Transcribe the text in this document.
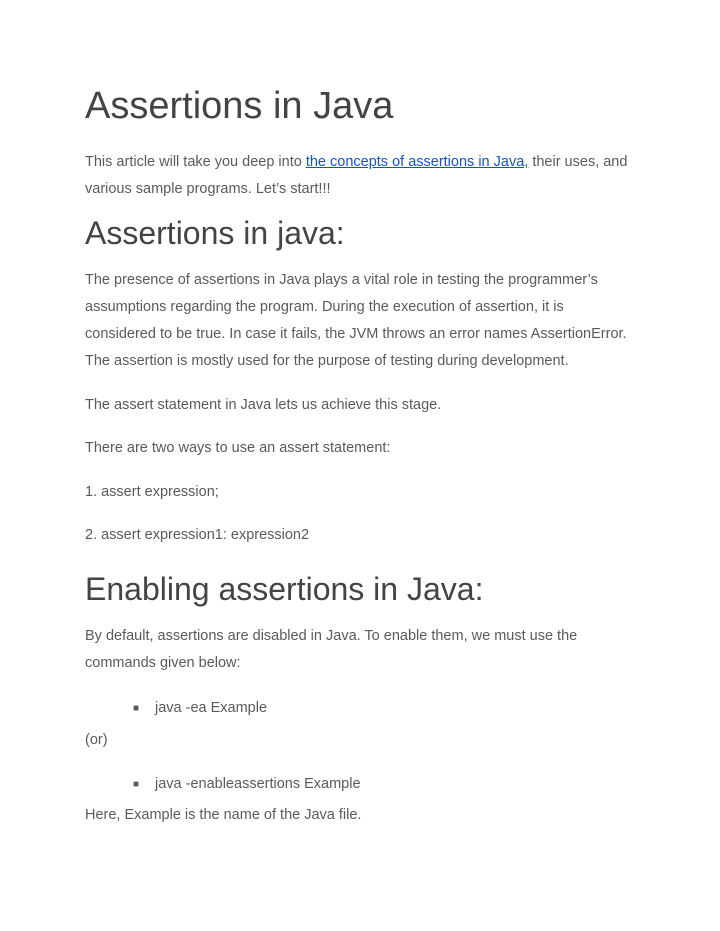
Assertions in Java

This article will take you deep into the concepts of assertions in Java, their uses, and
various sample programs. Let’s start!!!

Assertions in java:

The presence of assertions in Java plays a vital role in testing the programmer’s
assumptions regarding the program. During the execution of assertion, it is
considered to be true. In case it fails, the JVM throws an error names AssertionError.
The assertion is mostly used for the purpose of testing during development.

The assert statement in Java lets us achieve this stage.

There are two ways to use an assert statement:

1. assert expression;

2. assert expression1: expression2

Enabling assertions in Java:

By default, assertions are disabled in Java. To enable them, we must use the
commands given below:

■ java -ea Example

(or)

■ java -enableassertions Example

Here, Example is the name of the Java file.
